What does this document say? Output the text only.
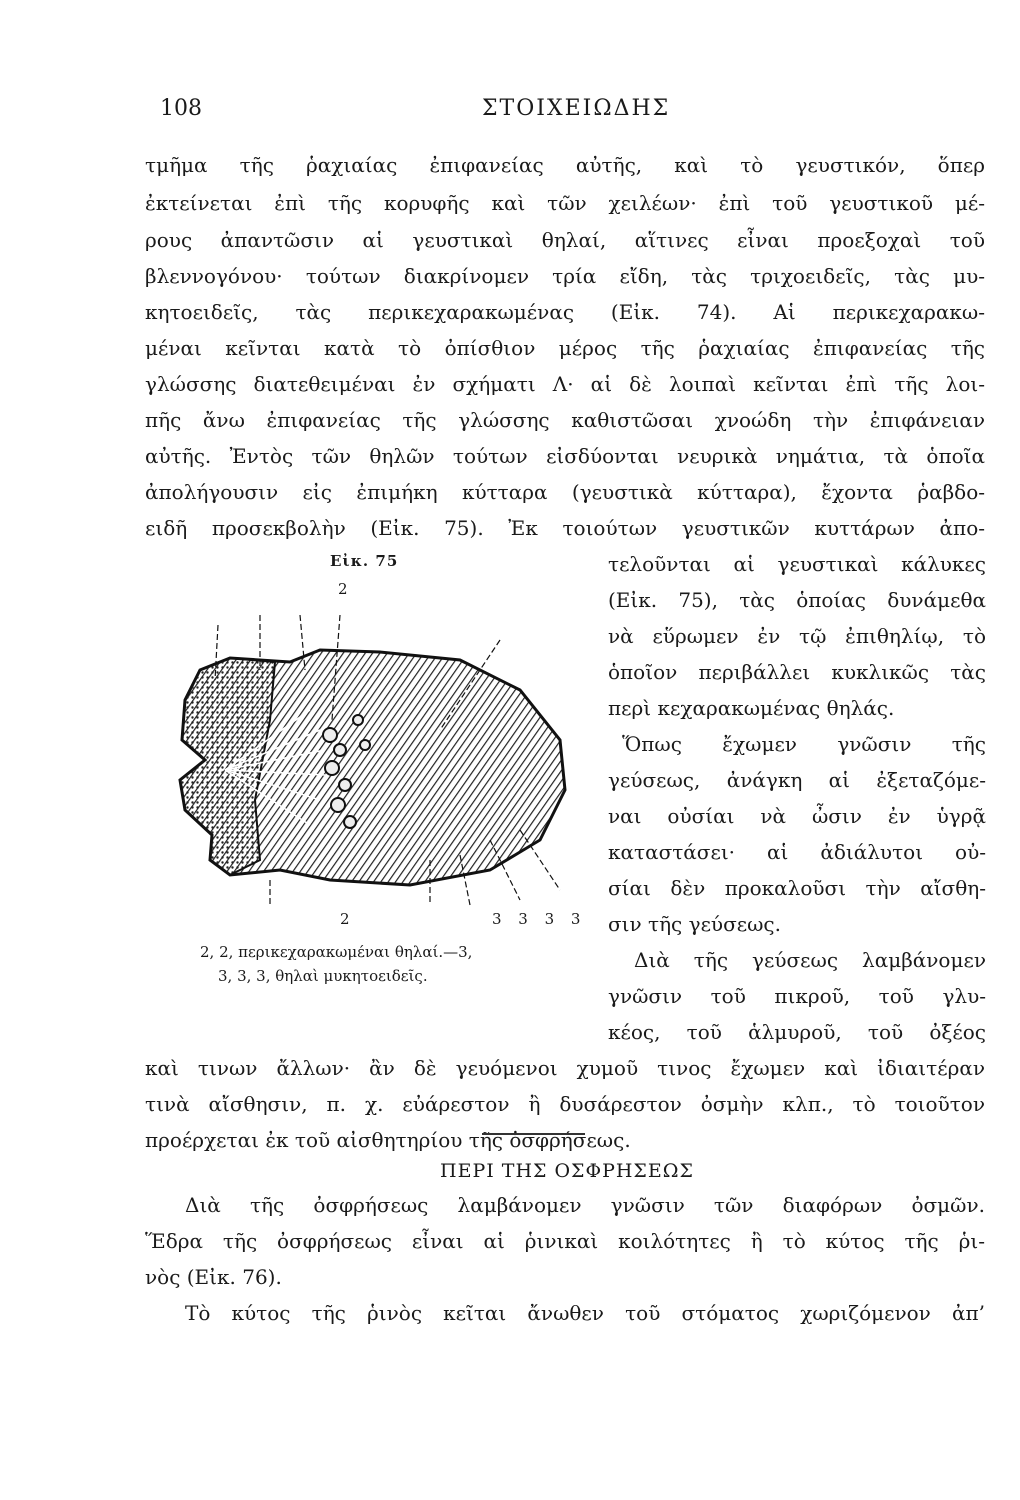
108	ΣΤΟΙΧΕΙΩΔΗΣ
τμῆμα τῆς ῥαχιαίας ἐπιφανείας αὐτῆς, καὶ τὸ γευστικόν, ὅπερ
ἐκτείνεται ἐπὶ τῆς κορυφῆς καὶ τῶν χειλέων· ἐπὶ τοῦ γευστικοῦ μέ-
ρους ἀπαντῶσιν αἱ γευστικαὶ θηλαί, αἵτινες εἶναι προεξοχαὶ τοῦ
βλεννογόνου· τούτων διακρίνομεν τρία εἴδη, τὰς τριχοειδεῖς, τὰς μυ-
κητοειδεῖς, τὰς περικεχαρακωμένας (Εἰκ. 74). Αἱ περικεχαρακω-
μέναι κεῖνται κατὰ τὸ ὀπίσθιον μέρος τῆς ῥαχιαίας ἐπιφανείας τῆς
γλώσσης διατεθειμέναι ἐν σχήματι Λ· αἱ δὲ λοιπαὶ κεῖνται ἐπὶ τῆς λοι-
πῆς ἄνω ἐπιφανείας τῆς γλώσσης καθιστῶσαι χνοώδη τὴν ἐπιφάνειαν
αὐτῆς. Ἐντὸς τῶν θηλῶν τούτων εἰσδύονται νευρικὰ νημάτια, τὰ ὁποῖα
ἀπολήγουσιν εἰς ἐπιμήκη κύτταρα (γευστικὰ κύτταρα), ἔχοντα ῥαβδο-
ειδῆ προσεκβολὴν (Εἰκ. 75). Ἐκ τοιούτων γευστικῶν κυττάρων ἀπο-
τελοῦνται αἱ γευστικαὶ κάλυκες
(Εἰκ. 75), τὰς ὁποίας δυνάμεθα
νὰ εὕρωμεν ἐν τῷ ἐπιθηλίῳ, τὸ
ὁποῖον περιβάλλει κυκλικῶς τὰς
περὶ κεχαρακωμένας θηλάς.
Ὅπως ἔχωμεν γνῶσιν τῆς
γεύσεως, ἀνάγκη αἱ ἐξεταζόμε-
ναι οὐσίαι νὰ ὦσιν ἐν ὑγρᾷ
καταστάσει· αἱ ἀδιάλυτοι οὐ-
σίαι δὲν προκαλοῦσι τὴν αἴσθη-
σιν τῆς γεύσεως.
Διὰ τῆς γεύσεως λαμβάνομεν
γνῶσιν τοῦ πικροῦ, τοῦ γλυ-
κέος, τοῦ ἁλμυροῦ, τοῦ ὀξέος
καὶ τινων ἄλλων· ἂν δὲ γευόμενοι χυμοῦ τινος ἔχωμεν καὶ ἰδιαιτέραν
τινὰ αἴσθησιν, π. χ. εὐάρεστον ἢ δυσάρεστον ὀσμὴν κλπ., τὸ τοιοῦτον
προέρχεται ἐκ τοῦ αἰσθητηρίου τῆς ὀσφρήσεως.
Εἰκ. 75
2
2	3 3 3 3
2, 2, περικεχαρακωμέναι θηλαί.—3,
3, 3, 3, θηλαὶ μυκητοειδεῖς.
ΠΕΡΙ ΤΗΣ ΟΣΦΡΗΣΕΩΣ
Διὰ τῆς ὀσφρήσεως λαμβάνομεν γνῶσιν τῶν διαφόρων ὀσμῶν.
Ἕδρα τῆς ὀσφρήσεως εἶναι αἱ ῥινικαὶ κοιλότητες ἢ τὸ κύτος τῆς ῥι-
νὸς (Εἰκ. 76).
Τὸ κύτος τῆς ῥινὸς κεῖται ἄνωθεν τοῦ στόματος χωριζόμενον ἀπ’
